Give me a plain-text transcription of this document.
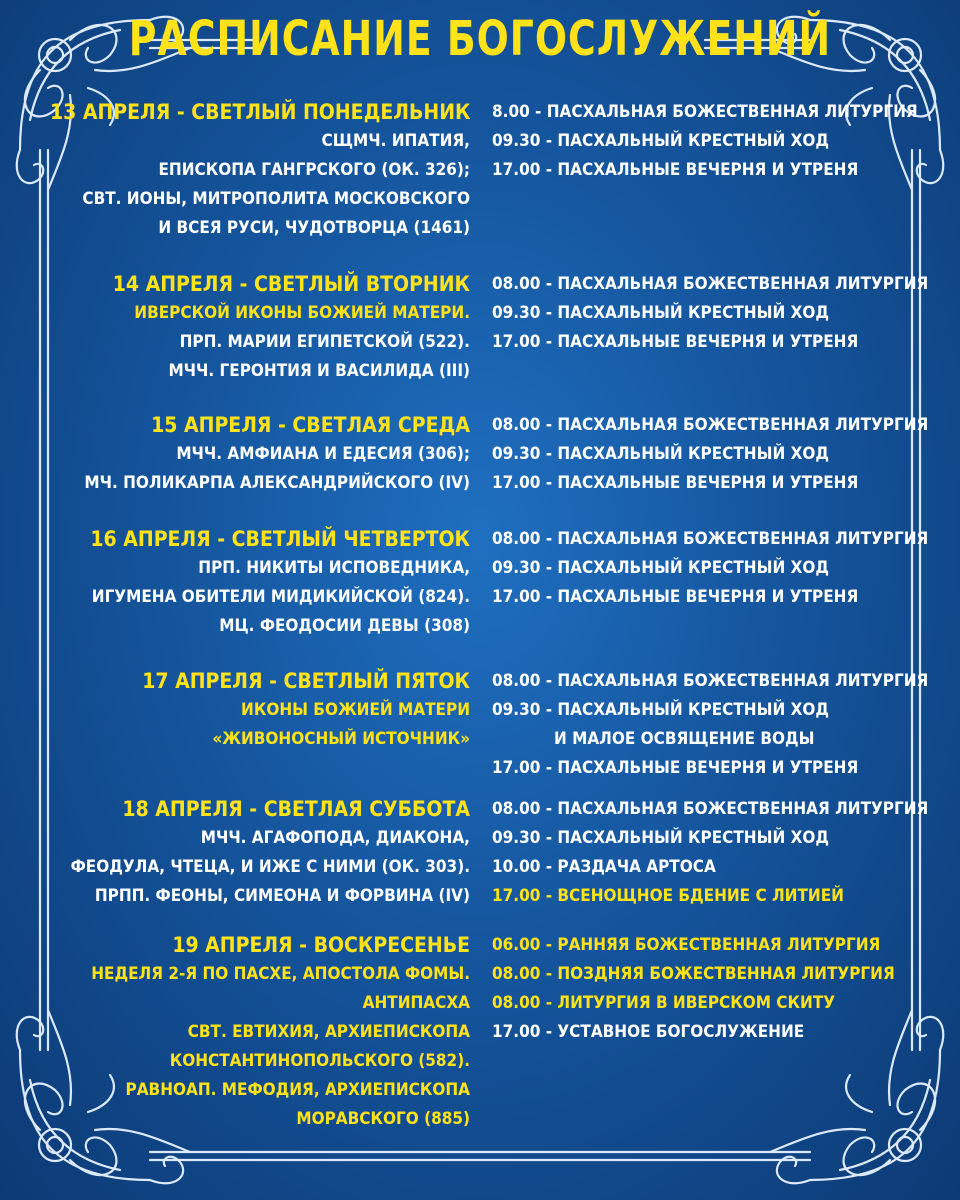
РАСПИСАНИЕ БОГОСЛУЖЕНИЙ
13 АПРЕЛЯ - СВЕТЛЫЙ ПОНЕДЕЛЬНИК
СЩМЧ. ИПАТИЯ,
ЕПИСКОПА ГАНГРСКОГО (ОК. 326);
СВТ. ИОНЫ, МИТРОПОЛИТА МОСКОВСКОГО
И ВСЕЯ РУСИ, ЧУДОТВОРЦА (1461)
8.00 - ПАСХАЛЬНАЯ БОЖЕСТВЕННАЯ ЛИТУРГИЯ
09.30 - ПАСХАЛЬНЫЙ КРЕСТНЫЙ ХОД
17.00 - ПАСХАЛЬНЫЕ ВЕЧЕРНЯ И УТРЕНЯ
14 АПРЕЛЯ - СВЕТЛЫЙ ВТОРНИК
ИВЕРСКОЙ ИКОНЫ БОЖИЕЙ МАТЕРИ.
ПРП. МАРИИ ЕГИПЕТСКОЙ (522).
МЧЧ. ГЕРОНТИЯ И ВАСИЛИДА (III)
08.00 - ПАСХАЛЬНАЯ БОЖЕСТВЕННАЯ ЛИТУРГИЯ
09.30 - ПАСХАЛЬНЫЙ КРЕСТНЫЙ ХОД
17.00 - ПАСХАЛЬНЫЕ ВЕЧЕРНЯ И УТРЕНЯ
15 АПРЕЛЯ - СВЕТЛАЯ СРЕДА
МЧЧ. АМФИАНА И ЕДЕСИЯ (306);
МЧ. ПОЛИКАРПА АЛЕКСАНДРИЙСКОГО (IV)
08.00 - ПАСХАЛЬНАЯ БОЖЕСТВЕННАЯ ЛИТУРГИЯ
09.30 - ПАСХАЛЬНЫЙ КРЕСТНЫЙ ХОД
17.00 - ПАСХАЛЬНЫЕ ВЕЧЕРНЯ И УТРЕНЯ
16 АПРЕЛЯ - СВЕТЛЫЙ ЧЕТВЕРТОК
ПРП. НИКИТЫ ИСПОВЕДНИКА,
ИГУМЕНА ОБИТЕЛИ МИДИКИЙСКОЙ (824).
МЦ. ФЕОДОСИИ ДЕВЫ (308)
08.00 - ПАСХАЛЬНАЯ БОЖЕСТВЕННАЯ ЛИТУРГИЯ
09.30 - ПАСХАЛЬНЫЙ КРЕСТНЫЙ ХОД
17.00 - ПАСХАЛЬНЫЕ ВЕЧЕРНЯ И УТРЕНЯ
17 АПРЕЛЯ - СВЕТЛЫЙ ПЯТОК
ИКОНЫ БОЖИЕЙ МАТЕРИ
«ЖИВОНОСНЫЙ ИСТОЧНИК»
08.00 - ПАСХАЛЬНАЯ БОЖЕСТВЕННАЯ ЛИТУРГИЯ
09.30 - ПАСХАЛЬНЫЙ КРЕСТНЫЙ ХОД
И МАЛОЕ ОСВЯЩЕНИЕ ВОДЫ
17.00 - ПАСХАЛЬНЫЕ ВЕЧЕРНЯ И УТРЕНЯ
18 АПРЕЛЯ - СВЕТЛАЯ СУББОТА
МЧЧ. АГАФОПОДА, ДИАКОНА,
ФЕОДУЛА, ЧТЕЦА, И ИЖЕ С НИМИ (ОК. 303).
ПРПП. ФЕОНЫ, СИМЕОНА И ФОРВИНА (IV)
08.00 - ПАСХАЛЬНАЯ БОЖЕСТВЕННАЯ ЛИТУРГИЯ
09.30 - ПАСХАЛЬНЫЙ КРЕСТНЫЙ ХОД
10.00 - РАЗДАЧА АРТОСА
17.00 - ВСЕНОЩНОЕ БДЕНИЕ С ЛИТИЕЙ
19 АПРЕЛЯ - ВОСКРЕСЕНЬЕ
НЕДЕЛЯ 2-Я ПО ПАСХЕ, АПОСТОЛА ФОМЫ.
АНТИПАСХА
СВТ. ЕВТИХИЯ, АРХИЕПИСКОПА
КОНСТАНТИНОПОЛЬСКОГО (582).
РАВНОАП. МЕФОДИЯ, АРХИЕПИСКОПА
МОРАВСКОГО (885)
06.00 - РАННЯЯ БОЖЕСТВЕННАЯ ЛИТУРГИЯ
08.00 - ПОЗДНЯЯ БОЖЕСТВЕННАЯ ЛИТУРГИЯ
08.00 - ЛИТУРГИЯ В ИВЕРСКОМ СКИТУ
17.00 - УСТАВНОЕ БОГОСЛУЖЕНИЕ
